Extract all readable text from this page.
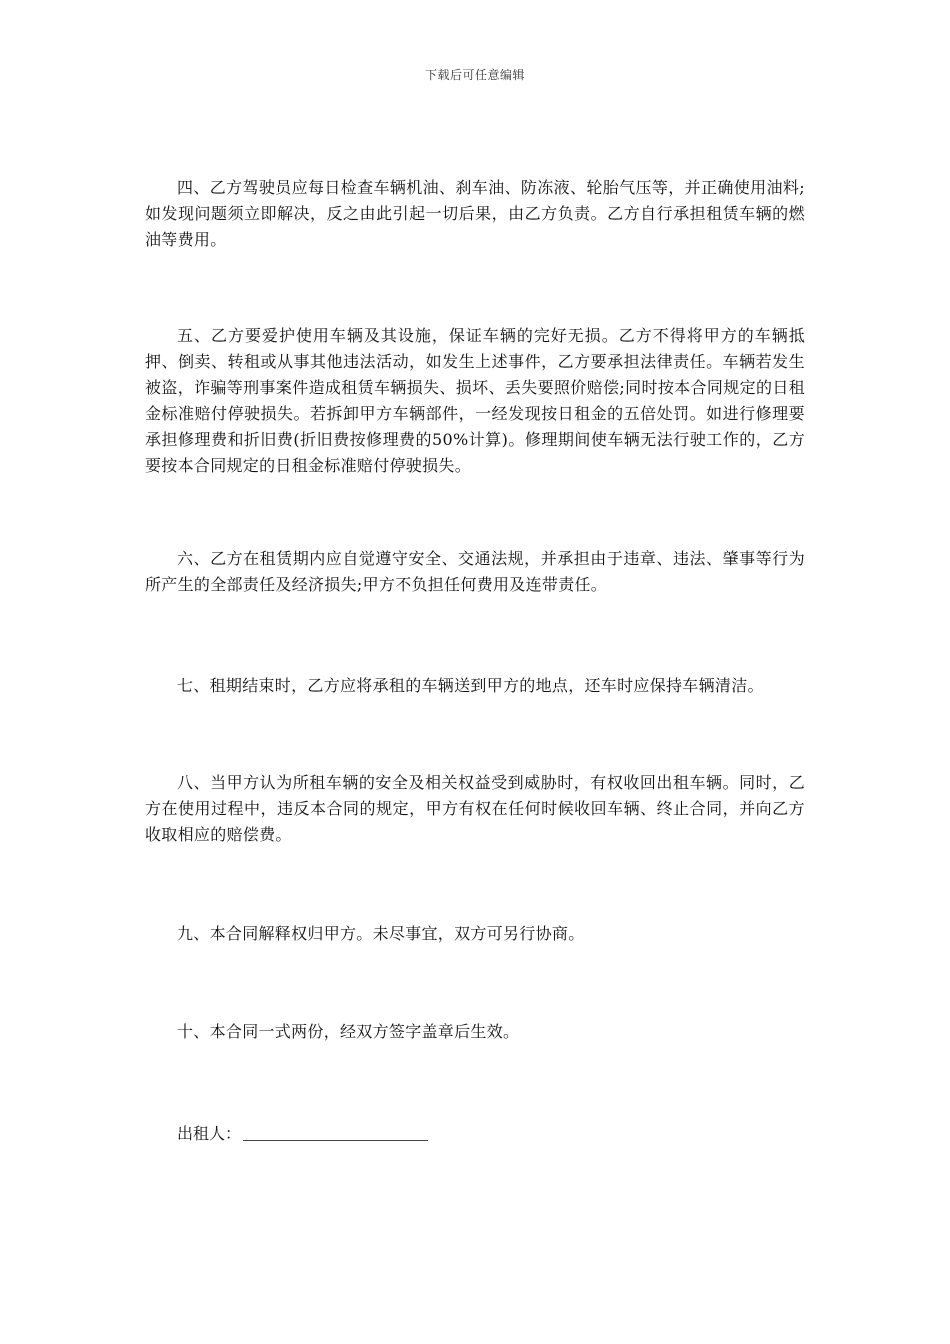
下载后可任意编辑

四、乙方驾驶员应每日检查车辆机油、刹车油、防冻液、轮胎气压等，并正确使用油料;如发现问题须立即解决，反之由此引起一切后果，由乙方负责。乙方自行承担租赁车辆的燃油等费用。

五、乙方要爱护使用车辆及其设施，保证车辆的完好无损。乙方不得将甲方的车辆抵押、倒卖、转租或从事其他违法活动，如发生上述事件，乙方要承担法律责任。车辆若发生被盗，诈骗等刑事案件造成租赁车辆损失、损坏、丢失要照价赔偿;同时按本合同规定的日租金标准赔付停驶损失。若拆卸甲方车辆部件，一经发现按日租金的五倍处罚。如进行修理要承担修理费和折旧费(折旧费按修理费的50%计算)。修理期间使车辆无法行驶工作的，乙方要按本合同规定的日租金标准赔付停驶损失。

六、乙方在租赁期内应自觉遵守安全、交通法规，并承担由于违章、违法、肇事等行为所产生的全部责任及经济损失;甲方不负担任何费用及连带责任。

七、租期结束时，乙方应将承租的车辆送到甲方的地点，还车时应保持车辆清洁。

八、当甲方认为所租车辆的安全及相关权益受到威胁时，有权收回出租车辆。同时，乙方在使用过程中，违反本合同的规定，甲方有权在任何时候收回车辆、终止合同，并向乙方收取相应的赔偿费。

九、本合同解释权归甲方。未尽事宜，双方可另行协商。

十、本合同一式两份，经双方签字盖章后生效。

出租人：
